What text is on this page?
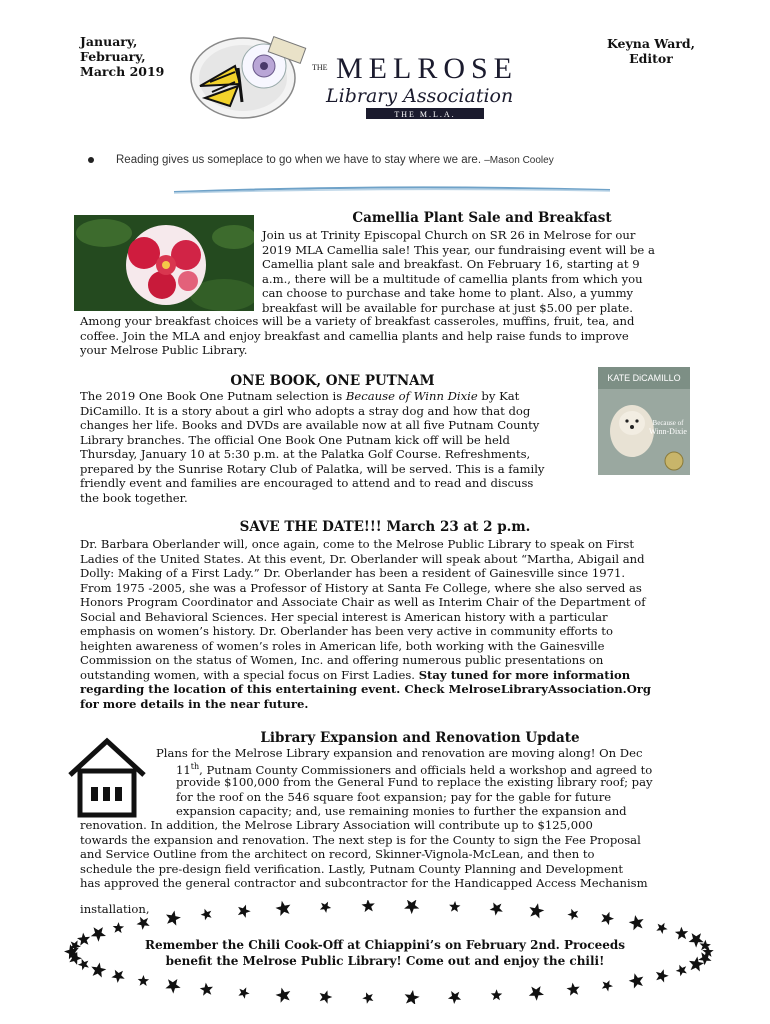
January,
February,
March 2019
Keyna Ward,
Editor
THE MELROSE
Library Association
THE M.L.A.
Reading gives us someplace to go when we have to stay where we are. –Mason Cooley
Camellia Plant Sale and Breakfast
Join us at Trinity Episcopal Church on SR 26 in Melrose for our
2019 MLA Camellia sale! This year, our fundraising event will be a
Camellia plant sale and breakfast. On February 16, starting at 9
a.m., there will be a multitude of camellia plants from which you
can choose to purchase and take home to plant. Also, a yummy
breakfast will be available for purchase at just $5.00 per plate.
Among your breakfast choices will be a variety of breakfast casseroles, muffins, fruit, tea, and
coffee. Join the MLA and enjoy breakfast and camellia plants and help raise funds to improve
your Melrose Public Library.
ONE BOOK, ONE PUTNAM
The 2019 One Book One Putnam selection is Because of Winn Dixie by Kat
DiCamillo. It is a story about a girl who adopts a stray dog and how that dog
changes her life. Books and DVDs are available now at all five Putnam County
Library branches. The official One Book One Putnam kick off will be held
Thursday, January 10 at 5:30 p.m. at the Palatka Golf Course. Refreshments,
prepared by the Sunrise Rotary Club of Palatka, will be served. This is a family
friendly event and families are encouraged to attend and to read and discuss
the book together.
KATE DiCAMILLO
Because of
Winn-Dixie
SAVE THE DATE!!! March 23 at 2 p.m.
Dr. Barbara Oberlander will, once again, come to the Melrose Public Library to speak on First
Ladies of the United States. At this event, Dr. Oberlander will speak about “Martha, Abigail and
Dolly: Making of a First Lady.” Dr. Oberlander has been a resident of Gainesville since 1971.
From 1975 -2005, she was a Professor of History at Santa Fe College, where she also served as
Honors Program Coordinator and Associate Chair as well as Interim Chair of the Department of
Social and Behavioral Sciences. Her special interest is American history with a particular
emphasis on women’s history. Dr. Oberlander has been very active in community efforts to
heighten awareness of women’s roles in American life, both working with the Gainesville
Commission on the status of Women, Inc. and offering numerous public presentations on
outstanding women, with a special focus on First Ladies. Stay tuned for more information
regarding the location of this entertaining event. Check MelroseLibraryAssociation.Org
for more details in the near future.
Library Expansion and Renovation Update
Plans for the Melrose Library expansion and renovation are moving along! On Dec
11th, Putnam County Commissioners and officials held a workshop and agreed to
provide $100,000 from the General Fund to replace the existing library roof; pay
for the roof on the 546 square foot expansion; pay for the gable for future
expansion capacity; and, use remaining monies to further the expansion and
renovation. In addition, the Melrose Library Association will contribute up to $125,000
towards the expansion and renovation. The next step is for the County to sign the Fee Proposal
and Service Outline from the architect on record, Skinner-Vignola-McLean, and then to
schedule the pre-design field verification. Lastly, Putnam County Planning and Development
has approved the general contractor and subcontractor for the Handicapped Access Mechanism
installation,
Remember the Chili Cook-Off at Chiappini’s on February 2nd. Proceeds
benefit the Melrose Public Library! Come out and enjoy the chili!
